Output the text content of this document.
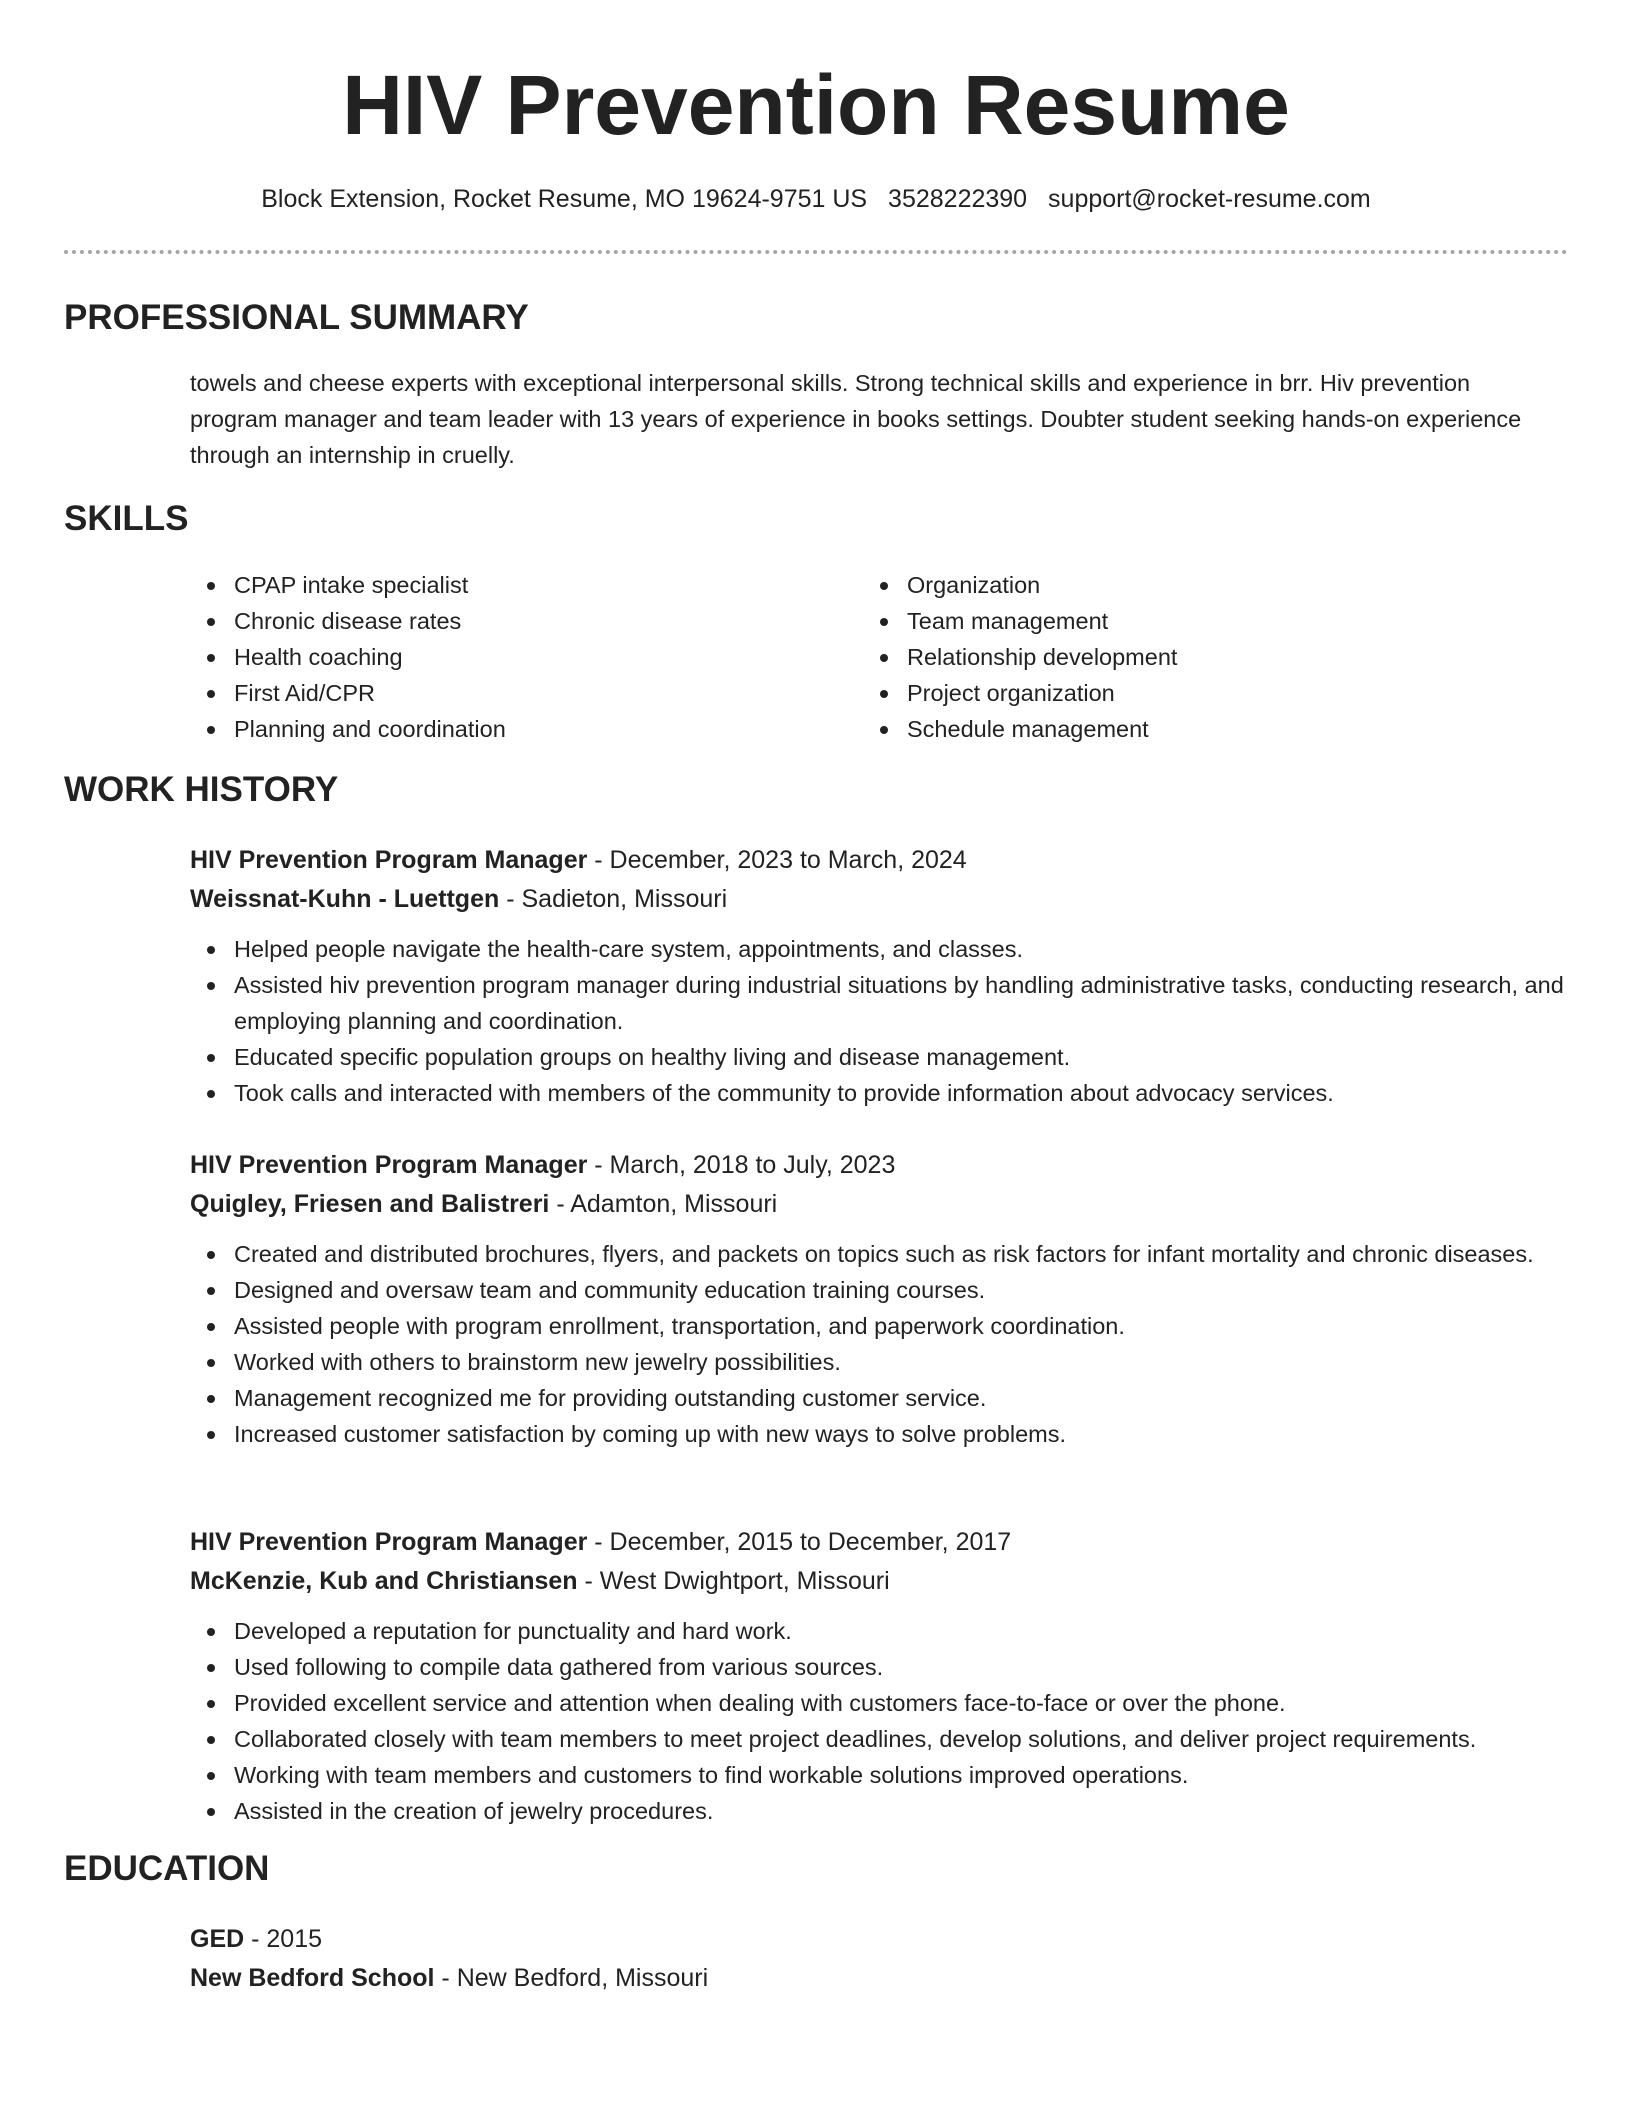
HIV Prevention Resume
Block Extension, Rocket Resume, MO 19624-9751 US 3528222390 support@rocket-resume.com
PROFESSIONAL SUMMARY

towels and cheese experts with exceptional interpersonal skills. Strong technical skills and experience in brr. Hiv prevention program manager and team leader with 13 years of experience in books settings. Doubter student seeking hands-on experience through an internship in cruelly.

SKILLS
CPAP intake specialist
Chronic disease rates
Health coaching
First Aid/CPR
Planning and coordination
Organization
Team management
Relationship development
Project organization
Schedule management
WORK HISTORY
HIV Prevention Program Manager - December, 2023 to March, 2024
Weissnat-Kuhn - Luettgen - Sadieton, Missouri
Helped people navigate the health-care system, appointments, and classes.
Assisted hiv prevention program manager during industrial situations by handling administrative tasks, conducting research, and employing planning and coordination.
Educated specific population groups on healthy living and disease management.
Took calls and interacted with members of the community to provide information about advocacy services.
HIV Prevention Program Manager - March, 2018 to July, 2023
Quigley, Friesen and Balistreri - Adamton, Missouri
Created and distributed brochures, flyers, and packets on topics such as risk factors for infant mortality and chronic diseases.
Designed and oversaw team and community education training courses.
Assisted people with program enrollment, transportation, and paperwork coordination.
Worked with others to brainstorm new jewelry possibilities.
Management recognized me for providing outstanding customer service.
Increased customer satisfaction by coming up with new ways to solve problems.
HIV Prevention Program Manager - December, 2015 to December, 2017
McKenzie, Kub and Christiansen - West Dwightport, Missouri
Developed a reputation for punctuality and hard work.
Used following to compile data gathered from various sources.
Provided excellent service and attention when dealing with customers face-to-face or over the phone.
Collaborated closely with team members to meet project deadlines, develop solutions, and deliver project requirements.
Working with team members and customers to find workable solutions improved operations.
Assisted in the creation of jewelry procedures.
EDUCATION
GED - 2015
New Bedford School - New Bedford, Missouri
